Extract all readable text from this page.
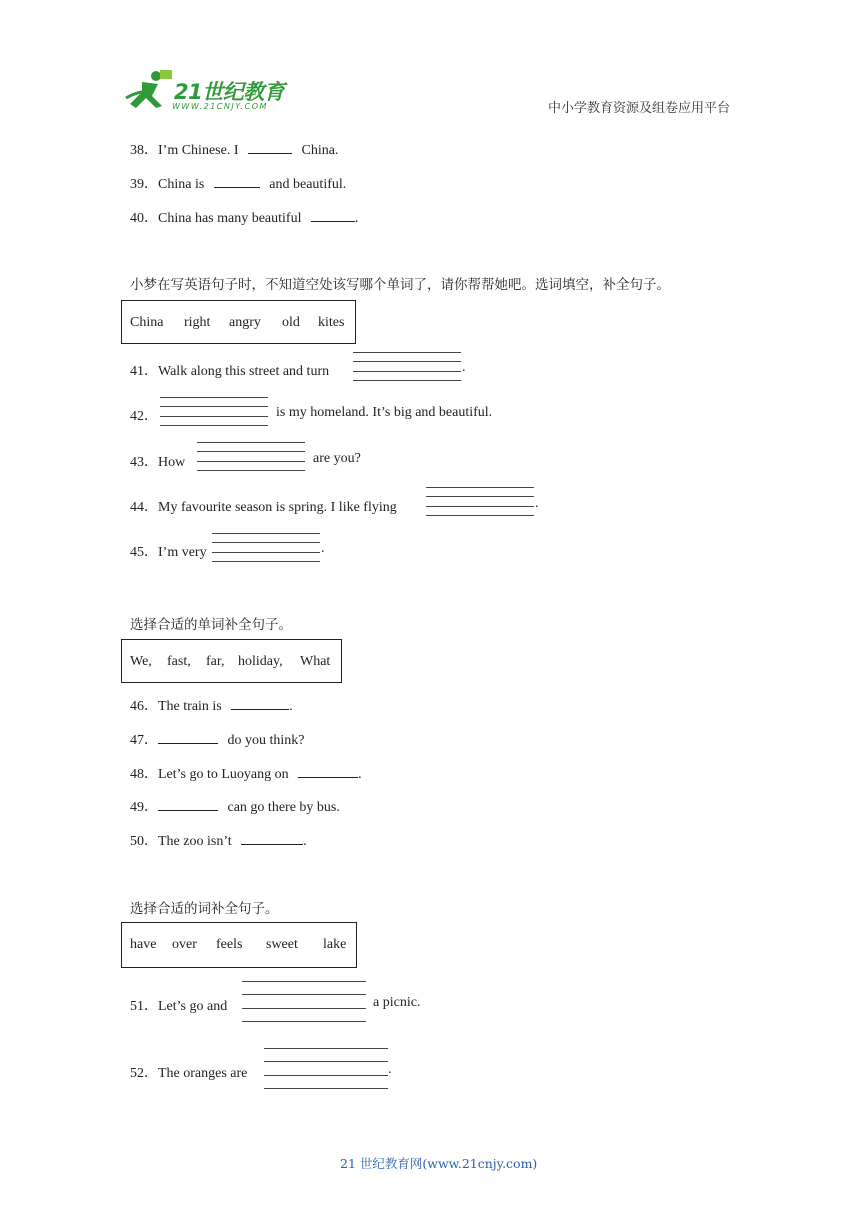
21世纪教育
WWW.21CNJY.COM	中小学教育资源及组卷应用平台
38．I’m Chinese. I	China.
39．China is	and beautiful.
40．China has many beautiful	.
小梦在写英语句子时，不知道空处该写哪个单词了，请你帮帮她吧。选词填空，补全句子。
China right angry old kites
41．Walk along this street and turn	.
42．	is my homeland. It’s big and beautiful.
43．How	are you?
44．My favourite season is spring. I like flying	.
45．I’m very	.
选择合适的单词补全句子。
We, fast, far, holiday, What
46．The train is	.
47．	do you think?
48．Let’s go to Luoyang on	.
49．	can go there by bus.
50．The zoo isn’t	.
选择合适的词补全句子。
have over feels sweet lake
51．Let’s go and	a picnic.
52．The oranges are	.
21 世纪教育网(www.21cnjy.com)
